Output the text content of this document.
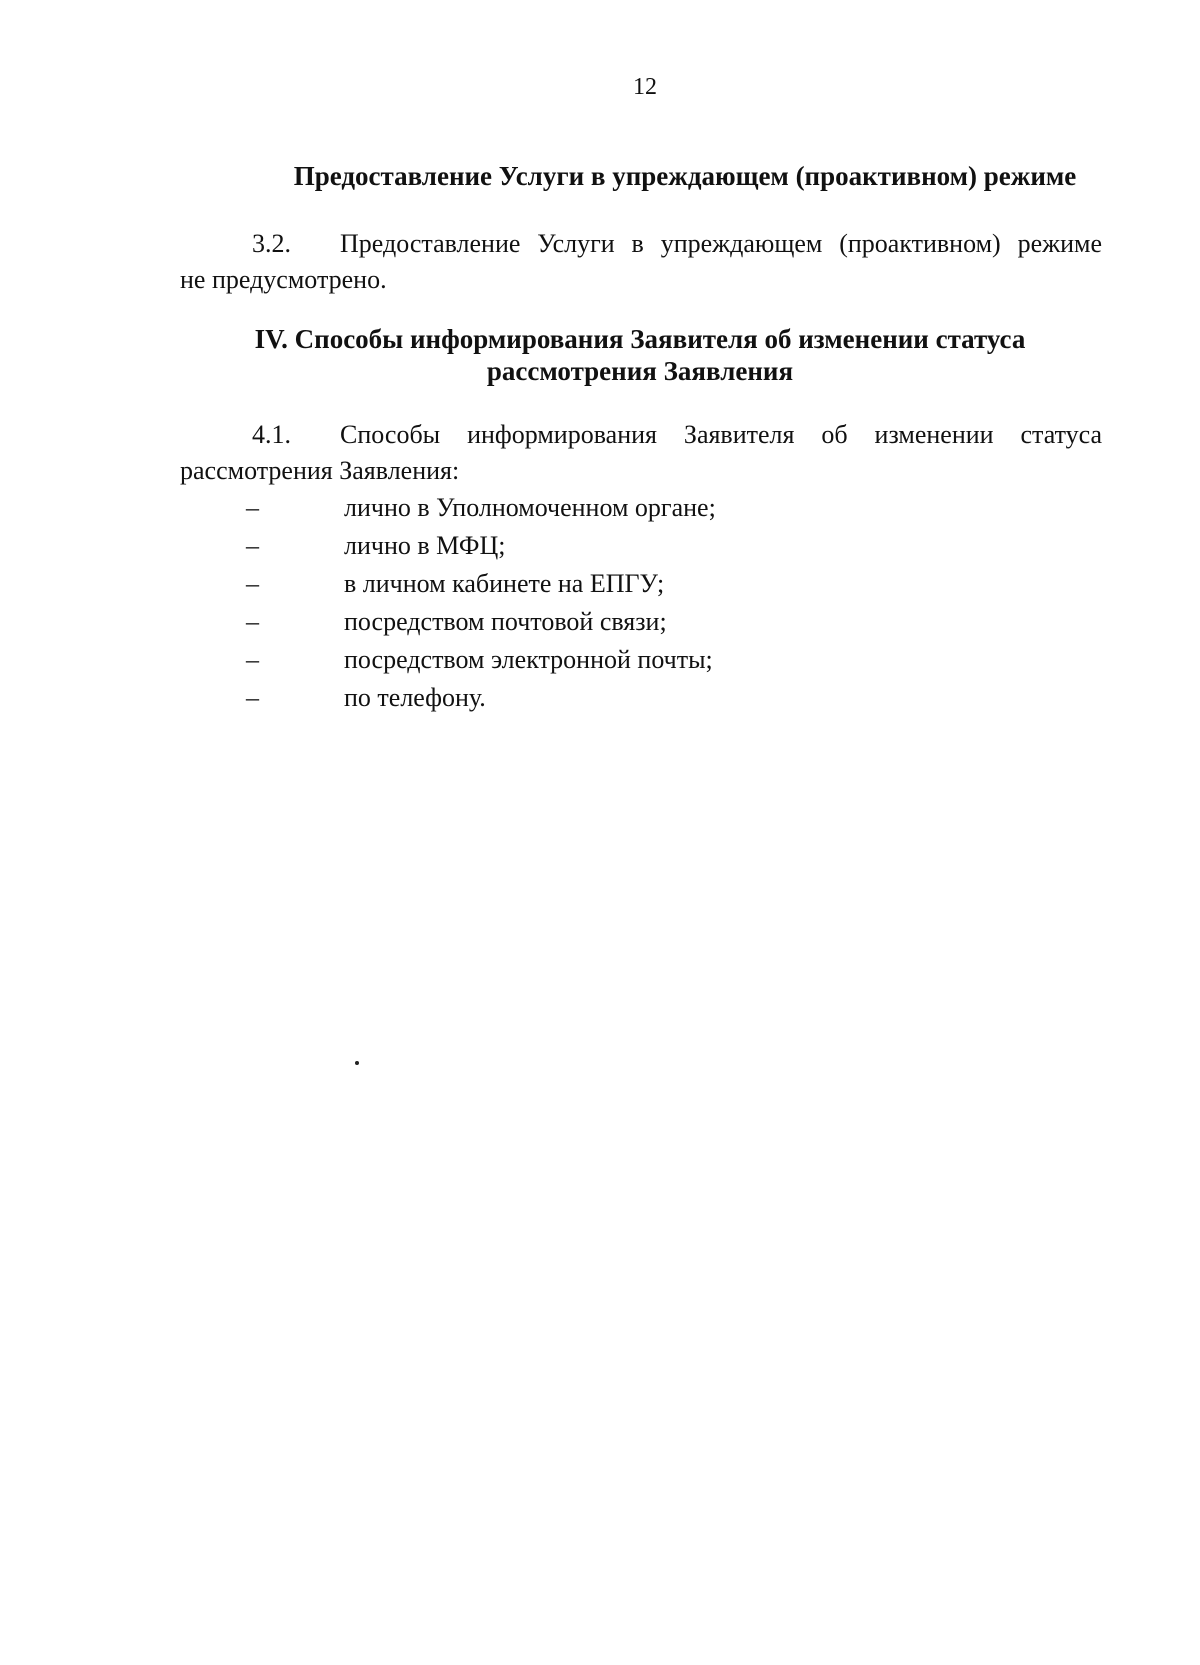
12
Предоставление Услуги в упреждающем (проактивном) режиме
3.2. Предоставление Услуги в упреждающем (проактивном) режиме
не предусмотрено.
IV. Способы информирования Заявителя об изменении статуса
рассмотрения Заявления
4.1. Способы информирования Заявителя об изменении статуса
рассмотрения Заявления:
–	лично в Уполномоченном органе;
–	лично в МФЦ;
–	в личном кабинете на ЕПГУ;
–	посредством почтовой связи;
–	посредством электронной почты;
–	по телефону.
